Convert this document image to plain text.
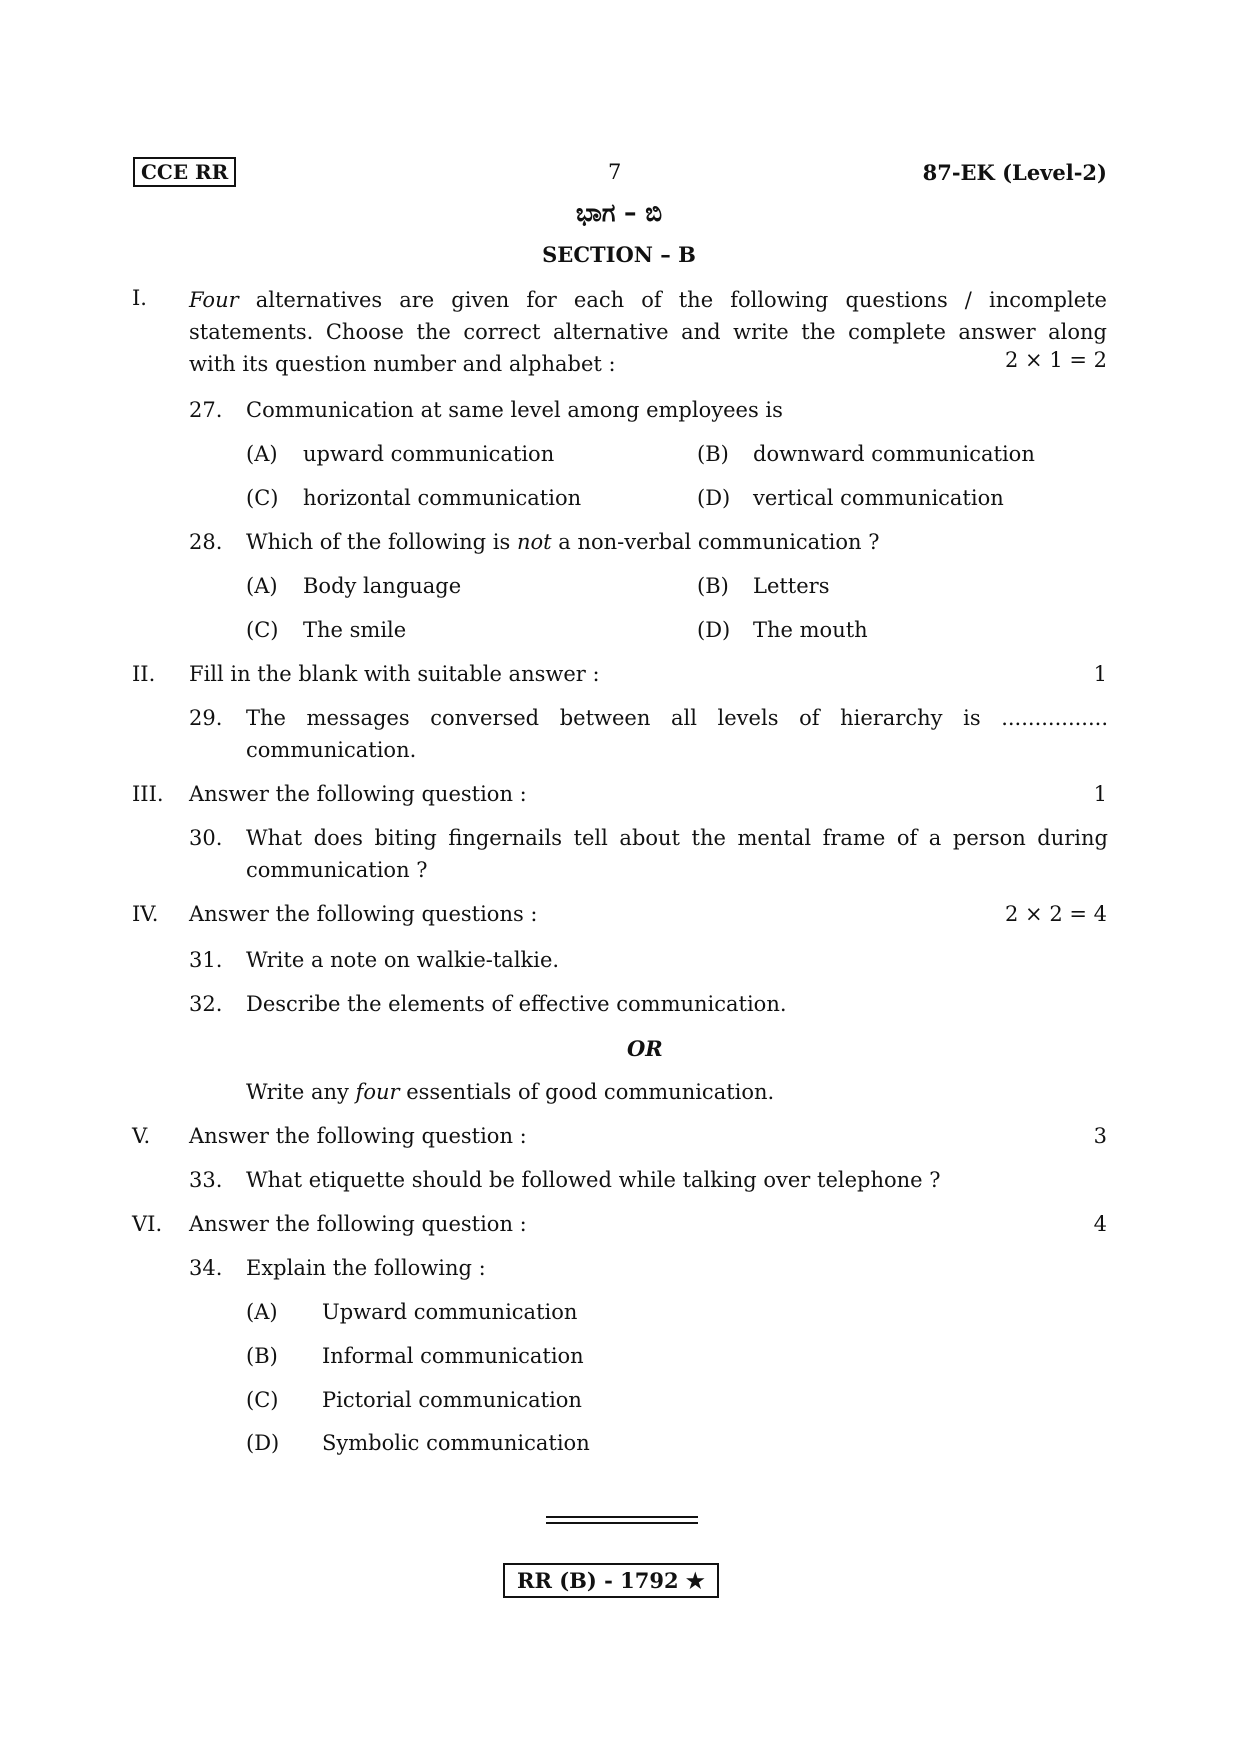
CCE RR	7	87-EK (Level-2)
ಭಾಗ – ಬಿ
SECTION – B
I. Four alternatives are given for each of the following questions / incomplete
statements. Choose the correct alternative and write the complete answer along
with its question number and alphabet :	2 × 1 = 2
27. Communication at same level among employees is
(A) upward communication	(B) downward communication
(C) horizontal communication	(D) vertical communication
28. Which of the following is not a non-verbal communication ?
(A) Body language	(B) Letters
(C) The smile	(D) The mouth
II. Fill in the blank with suitable answer :	1
29. The messages conversed between all levels of hierarchy is ................
communication.
III. Answer the following question :	1
30. What does biting fingernails tell about the mental frame of a person during
communication ?
IV. Answer the following questions :	2 × 2 = 4
31. Write a note on walkie-talkie.
32. Describe the elements of effective communication.
OR
Write any four essentials of good communication.
V. Answer the following question :	3
33. What etiquette should be followed while talking over telephone ?
VI. Answer the following question :	4
34. Explain the following :
(A) Upward communication
(B) Informal communication
(C) Pictorial communication
(D) Symbolic communication
RR (B) - 1792 ★
